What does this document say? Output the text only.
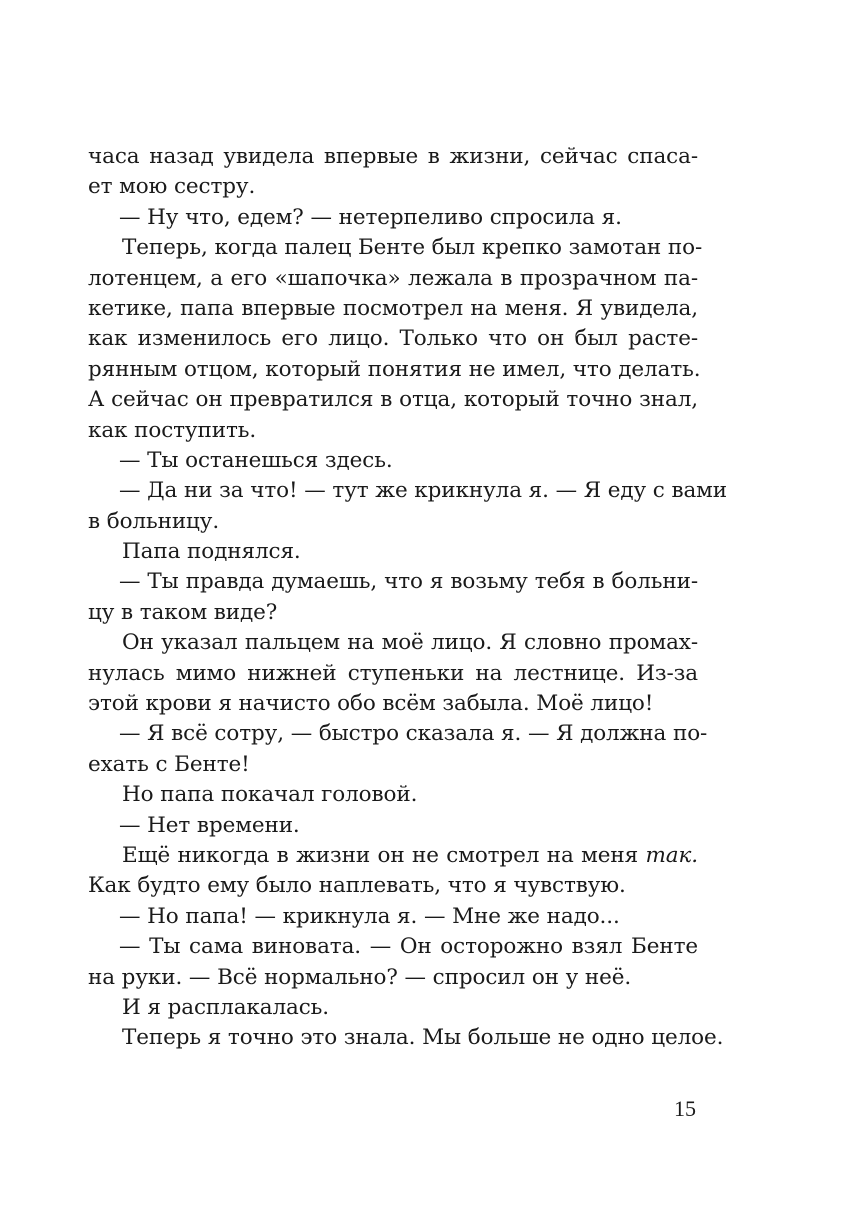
часа назад увидела впервые в жизни, сейчас спаса-
ет мою сестру.
— Ну что, едем? — нетерпеливо спросила я.
Теперь, когда палец Бенте был крепко замотан по-
лотенцем, а его «шапочка» лежала в прозрачном па-
кетике, папа впервые посмотрел на меня. Я увидела,
как изменилось его лицо. Только что он был расте-
рянным отцом, который понятия не имел, что делать.
А сейчас он превратился в отца, который точно знал,
как поступить.
— Ты останешься здесь.
— Да ни за что! — тут же крикнула я. — Я еду с вами
в больницу.
Папа поднялся.
— Ты правда думаешь, что я возьму тебя в больни-
цу в таком виде?
Он указал пальцем на моё лицо. Я словно промах-
нулась мимо нижней ступеньки на лестнице. Из-за
этой крови я начисто обо всём забыла. Моё лицо!
— Я всё сотру, — быстро сказала я. — Я должна по-
ехать с Бенте!
Но папа покачал головой.
— Нет времени.
Ещё никогда в жизни он не смотрел на меня так.
Как будто ему было наплевать, что я чувствую.
— Но папа! — крикнула я. — Мне же надо...
— Ты сама виновата. — Он осторожно взял Бенте
на руки. — Всё нормально? — спросил он у неё.
И я расплакалась.
Теперь я точно это знала. Мы больше не одно целое.
15
